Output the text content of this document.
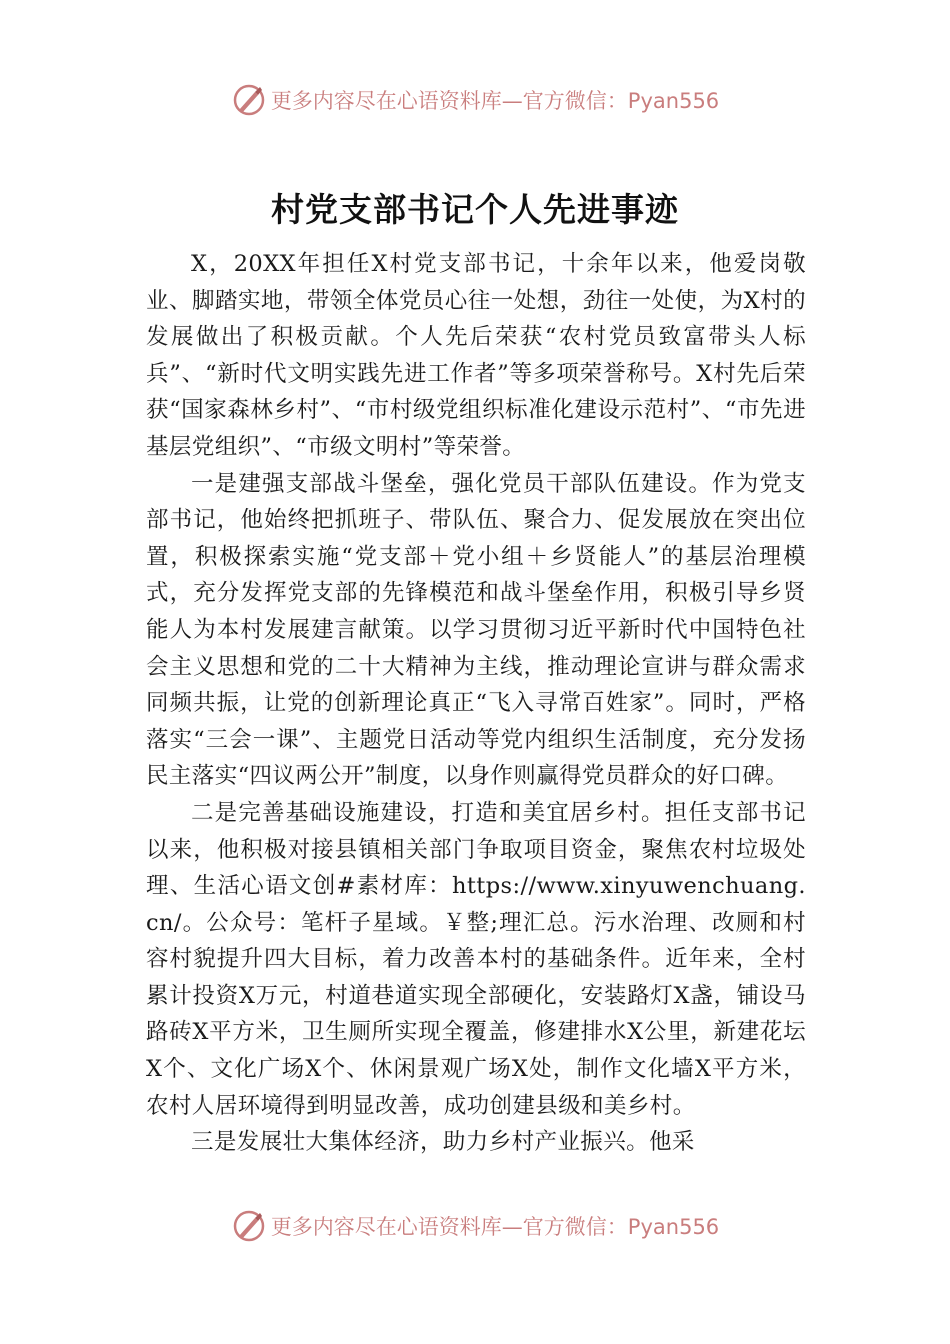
更多内容尽在心语资料库—官方微信：Pyan556
村党支部书记个人先进事迹

X，20XX年担任X村党支部书记，十余年以来，他爱岗敬业、脚踏实地，带领全体党员心往一处想，劲往一处使，为X村的发展做出了积极贡献。个人先后荣获“农村党员致富带头人标兵”、“新时代文明实践先进工作者”等多项荣誉称号。X村先后荣获“国家森林乡村”、“市村级党组织标准化建设示范村”、“市先进基层党组织”、“市级文明村”等荣誉。

一是建强支部战斗堡垒，强化党员干部队伍建设。作为党支部书记，他始终把抓班子、带队伍、聚合力、促发展放在突出位置，积极探索实施“党支部＋党小组＋乡贤能人”的基层治理模式，充分发挥党支部的先锋模范和战斗堡垒作用，积极引导乡贤能人为本村发展建言献策。以学习贯彻习近平新时代中国特色社会主义思想和党的二十大精神为主线，推动理论宣讲与群众需求同频共振，让党的创新理论真正“飞入寻常百姓家”。同时，严格落实“三会一课”、主题党日活动等党内组织生活制度，充分发扬民主落实“四议两公开”制度，以身作则赢得党员群众的好口碑。

二是完善基础设施建设，打造和美宜居乡村。担任支部书记以来，他积极对接县镇相关部门争取项目资金，聚焦农村垃圾处理、生活心语文创#素材库：https://www.xinyuwenchuang.cn/。公众号：笔杆子星域。￥整;理汇总。污水治理、改厕和村容村貌提升四大目标，着力改善本村的基础条件。近年来，全村累计投资X万元，村道巷道实现全部硬化，安装路灯X盏，铺设马路砖X平方米，卫生厕所实现全覆盖，修建排水X公里，新建花坛X个、文化广场X个、休闲景观广场X处，制作文化墙X平方米，农村人居环境得到明显改善，成功创建县级和美乡村。

三是发展壮大集体经济，助力乡村产业振兴。他采

更多内容尽在心语资料库—官方微信：Pyan556
